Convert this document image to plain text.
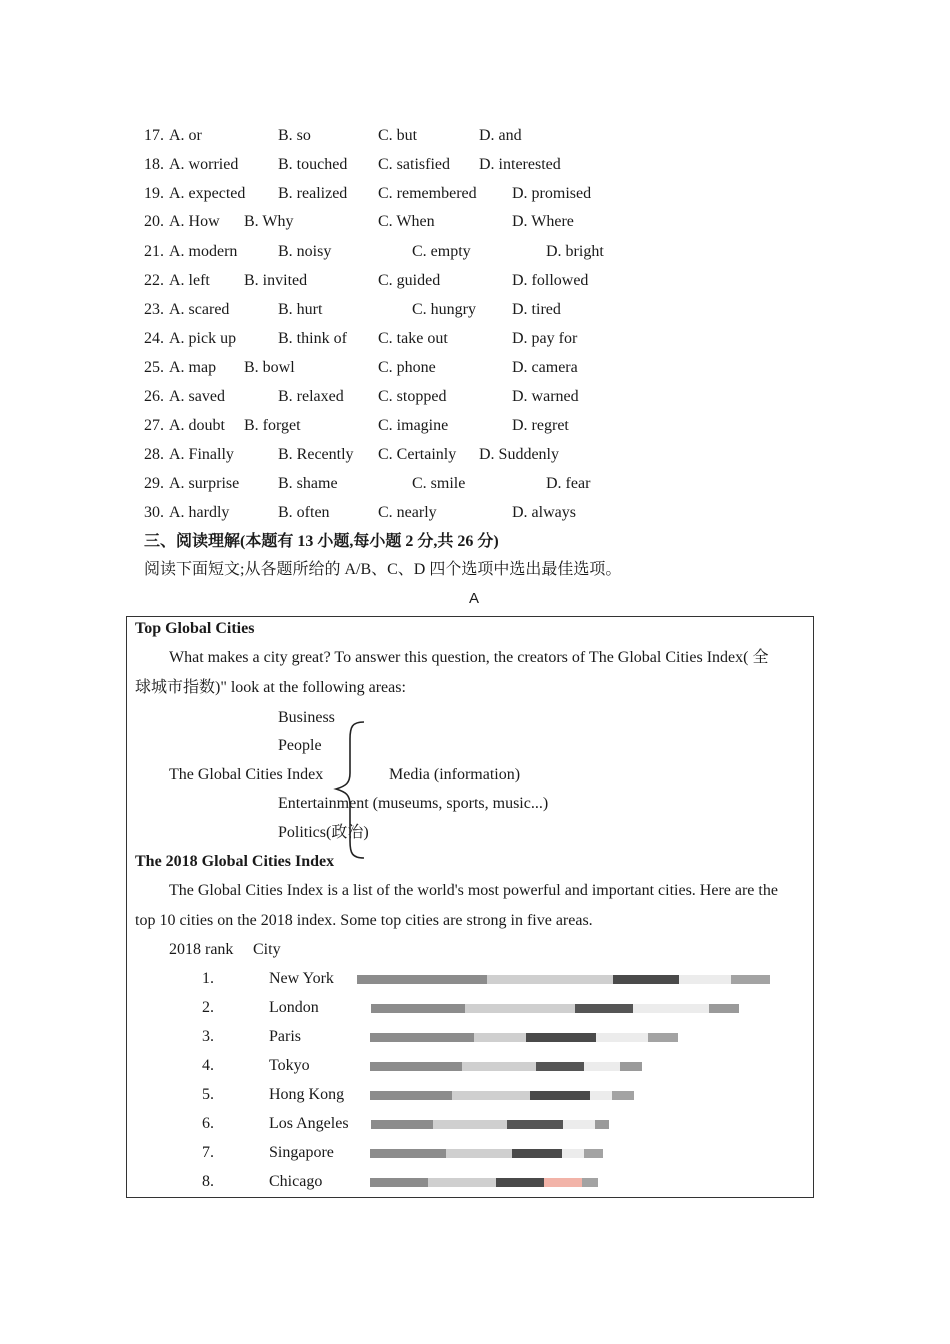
17. A. or	B. so	C. but	D. and
18. A. worried B. touched C. satisfied D. interested
19. A. expected B. realized C. remembered D. promised
20. A. How B. Why	C. When	D. Where
21. A. modern	B. noisy	C. empty	D. bright
22. A. left B. invited	C. guided	D. followed
23. A. scared	B. hurt	C. hungry D. tired
24. A. pick up	B. think of C. take out	D. pay for
25. A. map B. bowl	C. phone	D. camera
26. A. saved	B. relaxed C. stopped	D. warned
27. A. doubt B. forget	C. imagine	D. regret
28. A. Finally	B. Recently C. Certainly D. Suddenly
29. A. surprise B. shame	C. smile	D. fear
30. A. hardly	B. often	C. nearly	D. always
三、阅读理解(本题有 13 小题,每小题 2 分,共 26 分)
阅读下面短文;从各题所给的 A/B、C、D 四个选项中选出最佳选项。
A
Top Global Cities
What makes a city great? To answer this question, the creators of The Global Cities Index( 全
球城市指数)" look at the following areas:
Business
People
The Global Cities Index	Media (information)
Entertainment (museums, sports, music...)
Politics(政治)
The 2018 Global Cities Index
The Global Cities Index is a list of the world's most powerful and important cities. Here are the
top 10 cities on the 2018 index. Some top cities are strong in five areas.
2018 rank City
1.	New York
2.	London
3.	Paris
4.	Tokyo
5.	Hong Kong
6.	Los Angeles
7.	Singapore
8.	Chicago
